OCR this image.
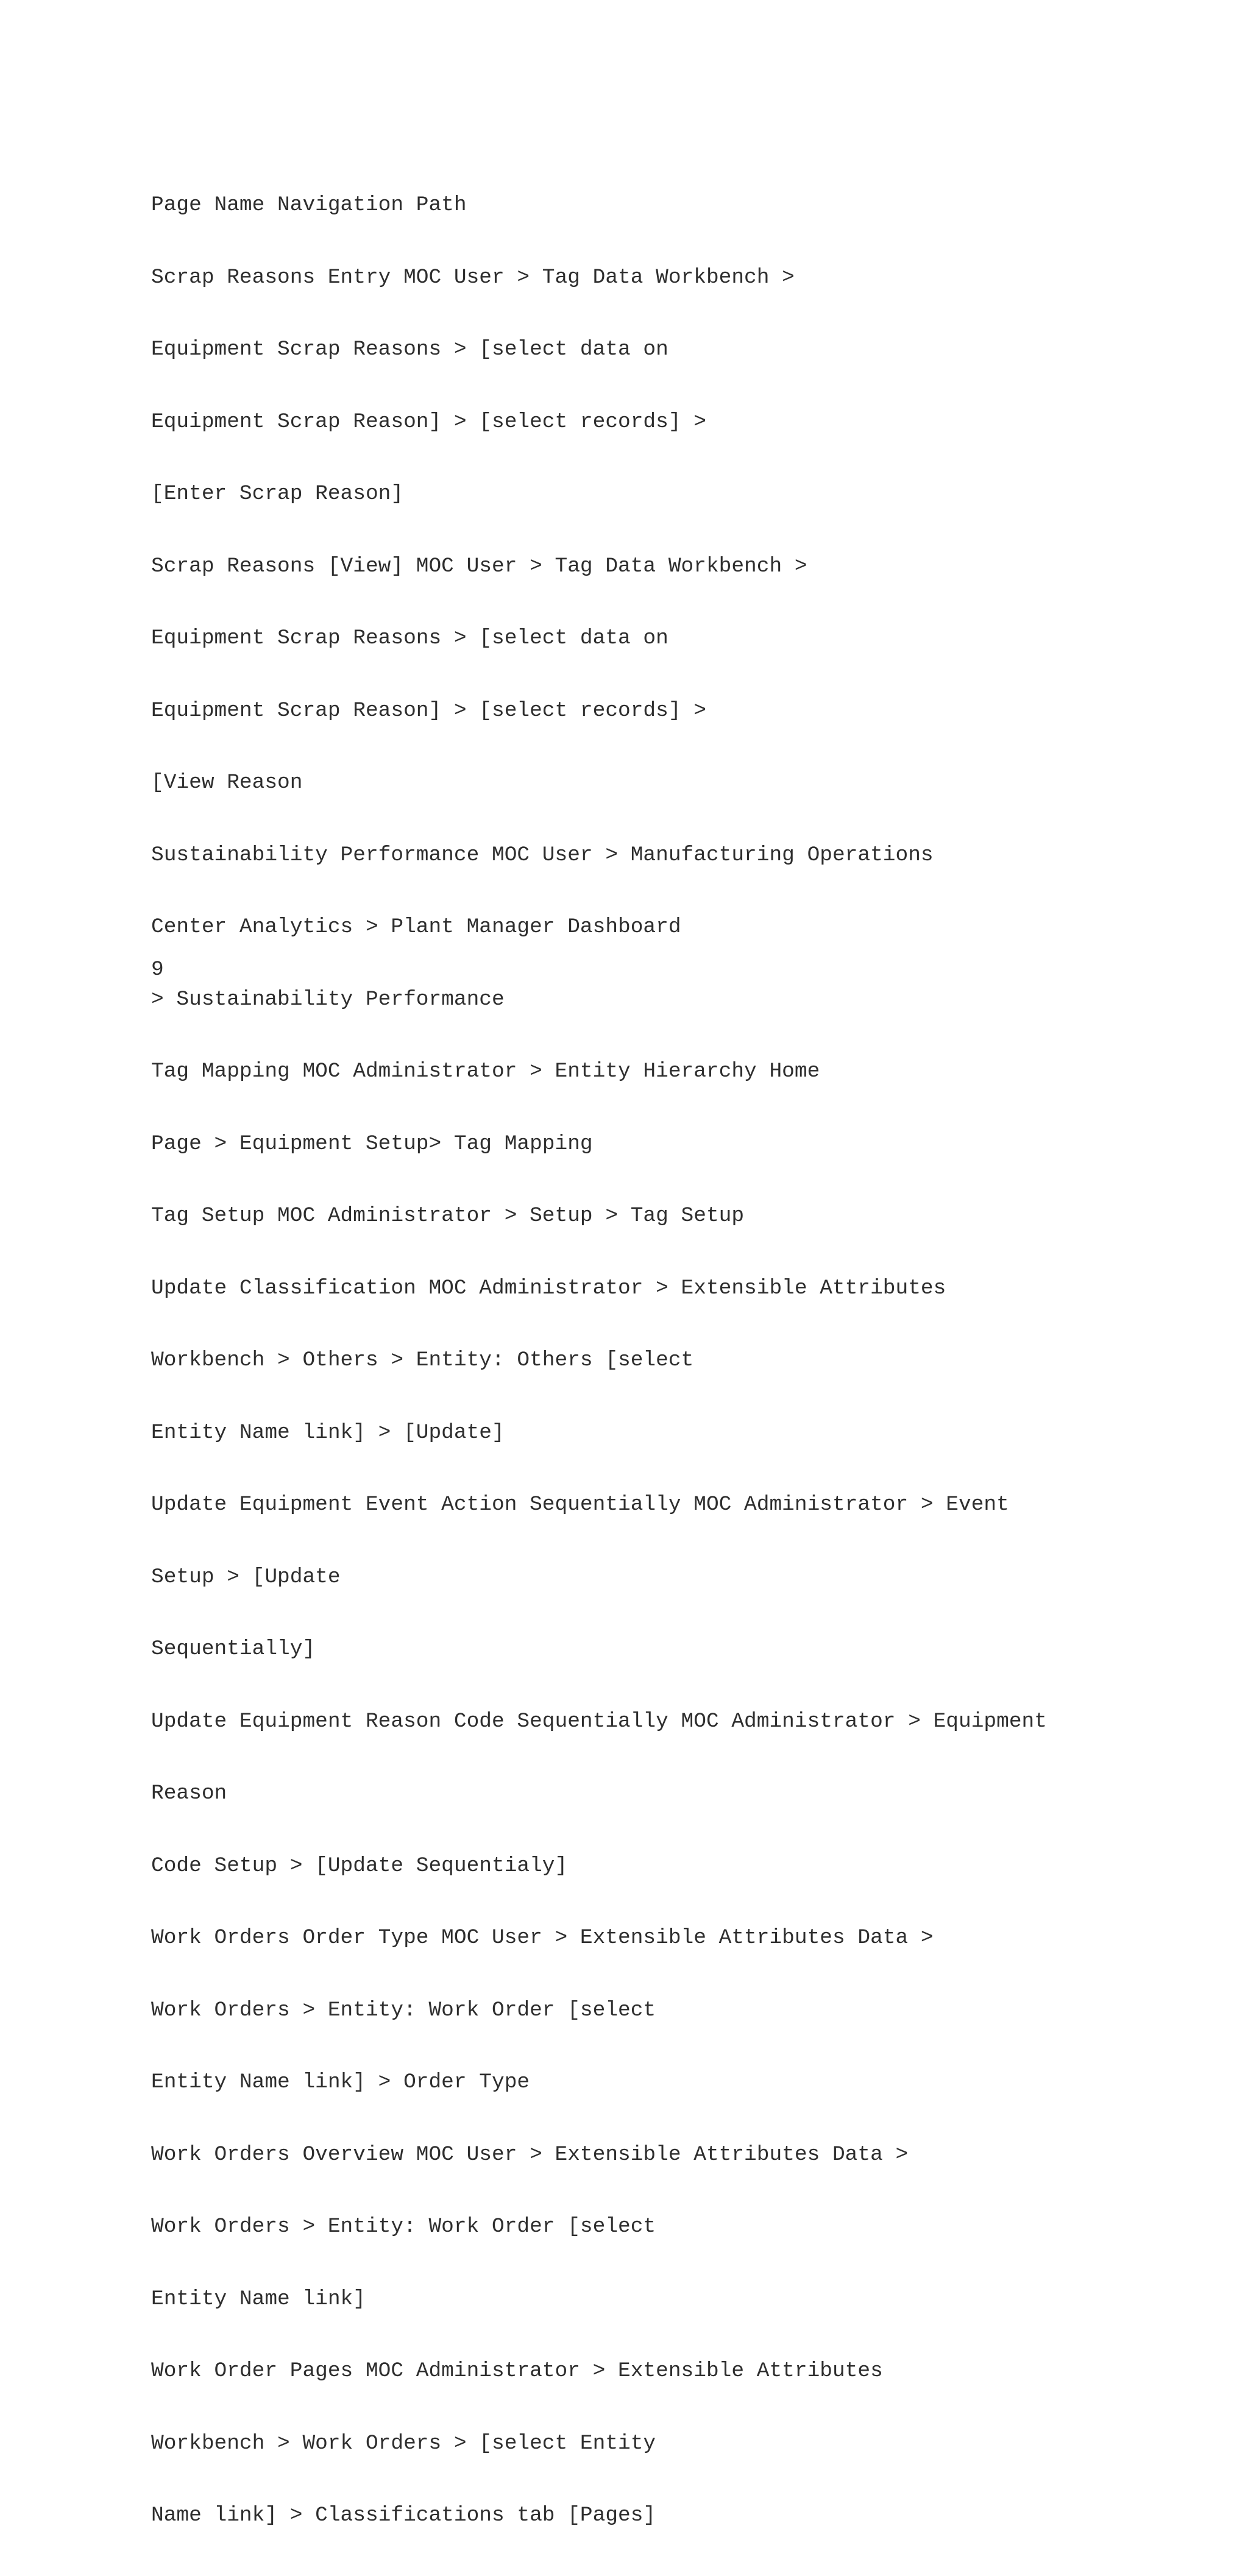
Page Name Navigation Path

Scrap Reasons Entry MOC User > Tag Data Workbench >

Equipment Scrap Reasons > [select data on

Equipment Scrap Reason] > [select records] >

[Enter Scrap Reason]

Scrap Reasons [View] MOC User > Tag Data Workbench >

Equipment Scrap Reasons > [select data on

Equipment Scrap Reason] > [select records] >

[View Reason

Sustainability Performance MOC User > Manufacturing Operations

Center Analytics > Plant Manager Dashboard

> Sustainability Performance

Tag Mapping MOC Administrator > Entity Hierarchy Home

Page > Equipment Setup> Tag Mapping

Tag Setup MOC Administrator > Setup > Tag Setup

Update Classification MOC Administrator > Extensible Attributes

Workbench > Others > Entity: Others [select

Entity Name link] > [Update]

Update Equipment Event Action Sequentially MOC Administrator > Event

Setup > [Update

Sequentially]

Update Equipment Reason Code Sequentially MOC Administrator > Equipment

Reason

Code Setup > [Update Sequentialy]

Work Orders Order Type MOC User > Extensible Attributes Data >

Work Orders > Entity: Work Order [select

Entity Name link] > Order Type

Work Orders Overview MOC User > Extensible Attributes Data >

Work Orders > Entity: Work Order [select

Entity Name link]

Work Order Pages MOC Administrator > Extensible Attributes

Workbench > Work Orders > [select Entity

Name link] > Classifications tab [Pages]

9
